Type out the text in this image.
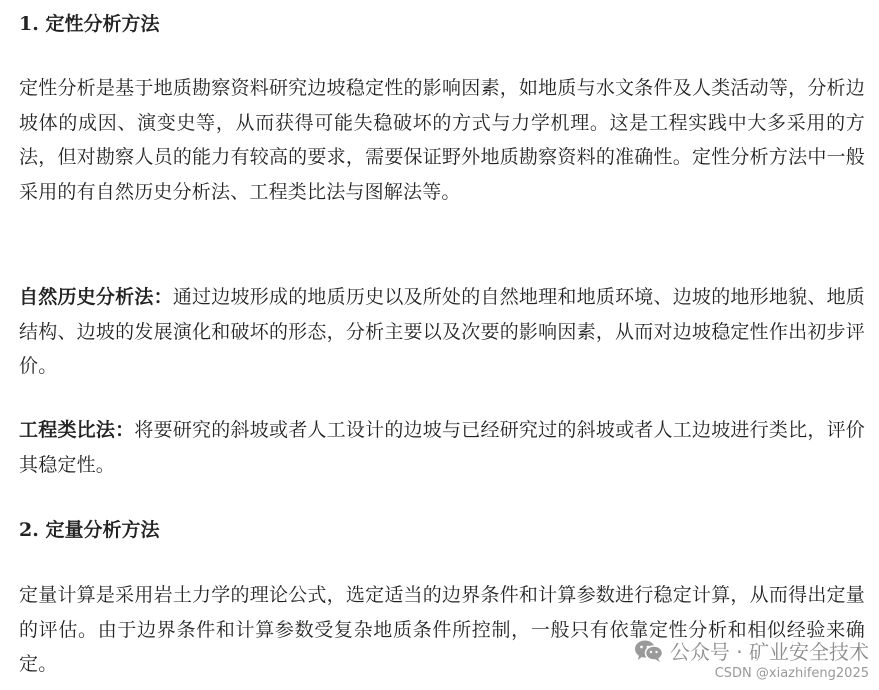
1. 定性分析方法
定性分析是基于地质勘察资料研究边坡稳定性的影响因素，如地质与水文条件及人类活动等，分析边坡体的成因、演变史等，从而获得可能失稳破坏的方式与力学机理。这是工程实践中大多采用的方法，但对勘察人员的能力有较高的要求，需要保证野外地质勘察资料的准确性。定性分析方法中一般采用的有自然历史分析法、工程类比法与图解法等。
自然历史分析法：通过边坡形成的地质历史以及所处的自然地理和地质环境、边坡的地形地貌、地质结构、边坡的发展演化和破坏的形态，分析主要以及次要的影响因素，从而对边坡稳定性作出初步评价。
工程类比法：将要研究的斜坡或者人工设计的边坡与已经研究过的斜坡或者人工边坡进行类比，评价其稳定性。
2. 定量分析方法
定量计算是采用岩土力学的理论公式，选定适当的边界条件和计算参数进行稳定计算，从而得出定量的评估。由于边界条件和计算参数受复杂地质条件所控制，一般只有依靠定性分析和相似经验来确定。	公众号 · 矿业安全技术
CSDN @xiazhifeng2025
